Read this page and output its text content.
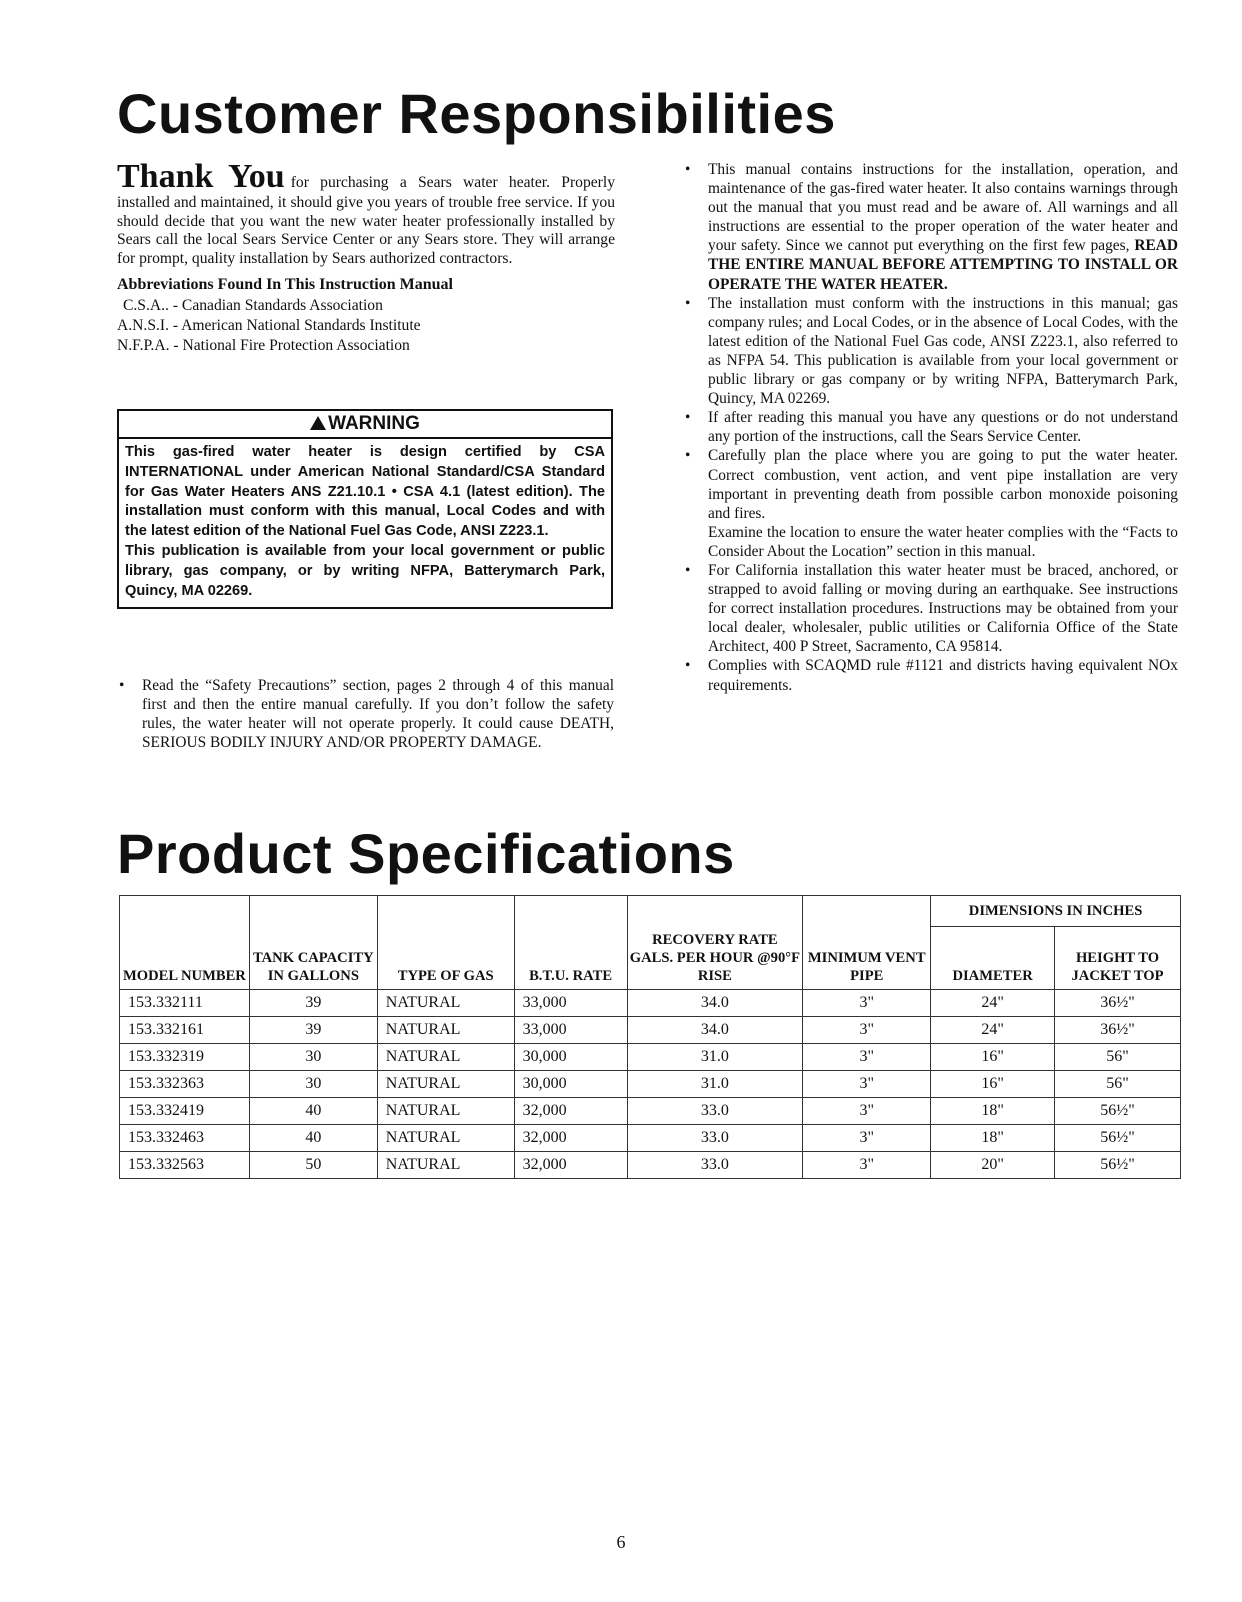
Customer Responsibilities

Thank You for purchasing a Sears water heater. Properly installed and maintained, it should give you years of trouble free service. If you should decide that you want the new water heater professionally installed by Sears call the local Sears Service Center or any Sears store. They will arrange for prompt, quality installation by Sears authorized contractors.

Abbreviations Found In This Instruction Manual

C.S.A.. - Canadian Standards Association
A.N.S.I. - American National Standards Institute
N.F.P.A. - National Fire Protection Association
WARNING

This gas-fired water heater is design certified by CSA INTERNATIONAL under American National Standard/CSA Standard for Gas Water Heaters ANS Z21.10.1 • CSA 4.1 (latest edition). The installation must conform with this manual, Local Codes and with the latest edition of the National Fuel Gas Code, ANSI Z223.1.

This publication is available from your local government or public library, gas company, or by writing NFPA, Batterymarch Park, Quincy, MA 02269.

• Read the “Safety Precautions” section, pages 2 through 4 of this manual first and then the entire manual carefully. If you don’t follow the safety rules, the water heater will not operate properly. It could cause DEATH, SERIOUS BODILY INJURY AND/OR PROPERTY DAMAGE.
• This manual contains instructions for the installation, operation, and maintenance of the gas-fired water heater. It also contains warnings through out the manual that you must read and be aware of. All warnings and all instructions are essential to the proper operation of the water heater and your safety. Since we cannot put everything on the first few pages, READ THE ENTIRE MANUAL BEFORE ATTEMPTING TO INSTALL OR OPERATE THE WATER HEATER.
• The installation must conform with the instructions in this manual; gas company rules; and Local Codes, or in the absence of Local Codes, with the latest edition of the National Fuel Gas code, ANSI Z223.1, also referred to as NFPA 54. This publication is available from your local government or public library or gas company or by writing NFPA, Batterymarch Park, Quincy, MA 02269.
• If after reading this manual you have any questions or do not understand any portion of the instructions, call the Sears Service Center.
• Carefully plan the place where you are going to put the water heater. Correct combustion, vent action, and vent pipe installation are very important in preventing death from possible carbon monoxide poisoning and fires.
Examine the location to ensure the water heater complies with the “Facts to Consider About the Location” section in this manual.
• For California installation this water heater must be braced, anchored, or strapped to avoid falling or moving during an earthquake. See instructions for correct installation procedures. Instructions may be obtained from your local dealer, wholesaler, public utilities or California Office of the State Architect, 400 P Street, Sacramento, CA 95814.
• Complies with SCAQMD rule #1121 and districts having equivalent NOx requirements.
Product Specifications
MODEL NUMBER	TANK CAPACITY IN GALLONS	TYPE OF GAS	B.T.U. RATE	RECOVERY RATE GALS. PER HOUR @90°F RISE	MINIMUM VENT PIPE	DIMENSIONS IN INCHES	
						DIAMETER	HEIGHT TO JACKET TOP
153.332111	39	NATURAL	33,000	34.0	3"	24"	36½"
153.332161	39	NATURAL	33,000	34.0	3"	24"	36½"
153.332319	30	NATURAL	30,000	31.0	3"	16"	56"
153.332363	30	NATURAL	30,000	31.0	3"	16"	56"
153.332419	40	NATURAL	32,000	33.0	3"	18"	56½"
153.332463	40	NATURAL	32,000	33.0	3"	18"	56½"
153.332563	50	NATURAL	32,000	33.0	3"	20"	56½"
6
